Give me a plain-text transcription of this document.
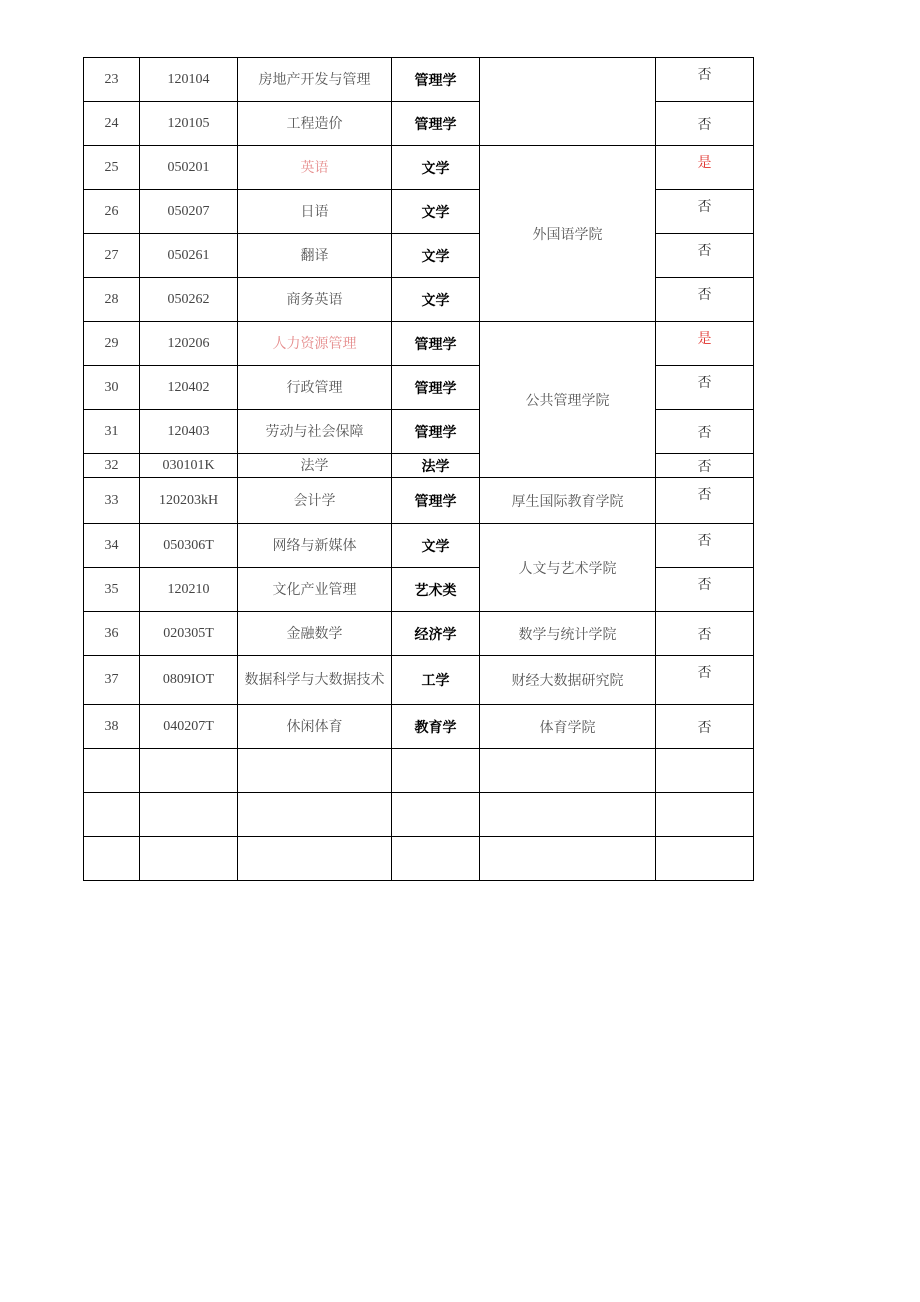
23	120104	房地产开发与管理	管理学		否
24	120105	工程造价	管理学		否
25	050201	英语	文学	外国语学院	是
26	050207	日语	文学		否
27	050261	翻译	文学		否
28	050262	商务英语	文学		否
29	120206	人力资源管理	管理学	公共管理学院	是
30	120402	行政管理	管理学		否
31	120403	劳动与社会保障	管理学		否
32	030101K	法学	法学		否
33	120203kH	会计学	管理学	厚生国际教育学院	否
34	050306T	网络与新媒体	文学	人文与艺术学院	否
35	120210	文化产业管理	艺术类		否
36	020305T	金融数学	经济学	数学与统计学院	否
37	0809IOT	数据科学与大数据技术	工学	财经大数据研究院	否
38	040207T	休闲体育	教育学	体育学院	否
